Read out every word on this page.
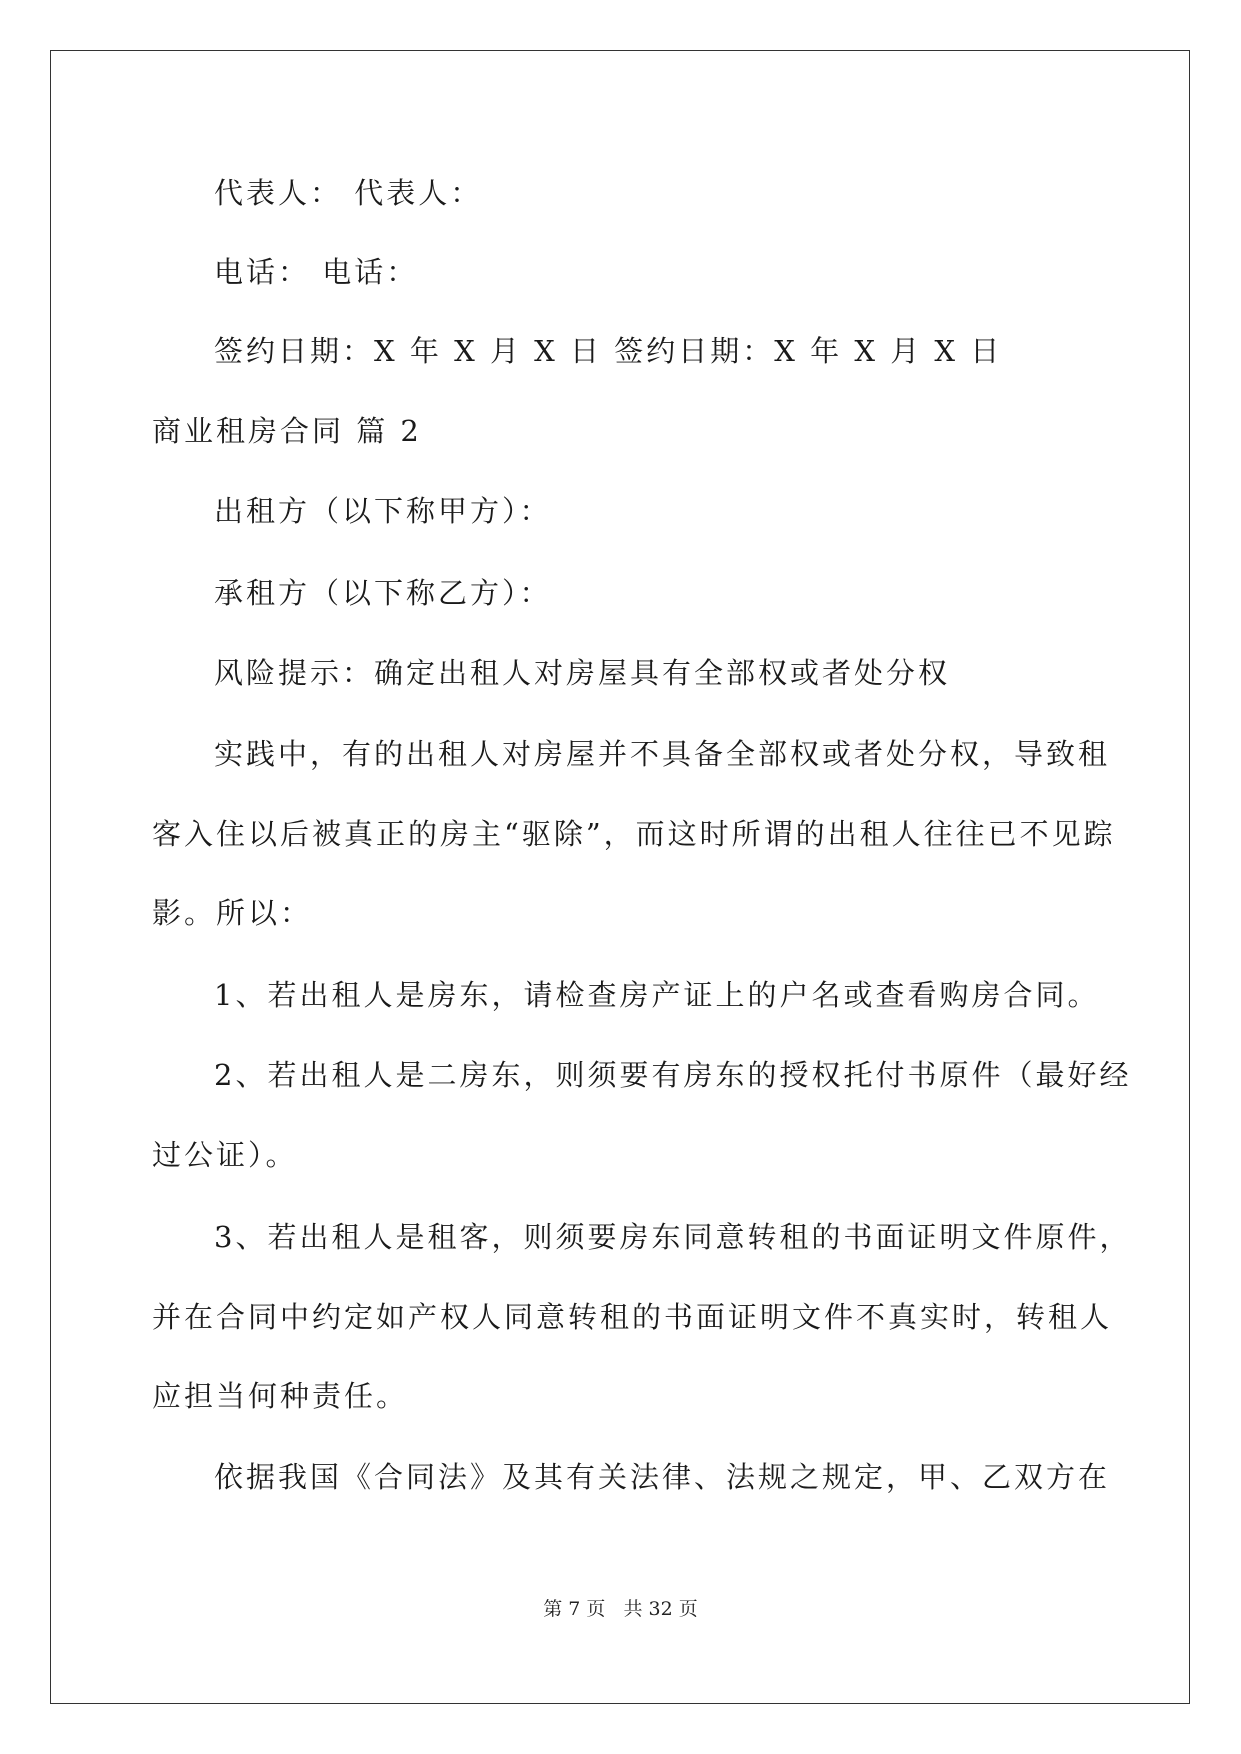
代表人： 代表人：
电话： 电话：
签约日期：X 年 X 月 X 日 签约日期：X 年 X 月 X 日
商业租房合同 篇 2
出租方（以下称甲方）：
承租方（以下称乙方）：
风险提示：确定出租人对房屋具有全部权或者处分权
实践中，有的出租人对房屋并不具备全部权或者处分权，导致租
客入住以后被真正的房主“驱除”，而这时所谓的出租人往往已不见踪
影。所以：
1、若出租人是房东，请检查房产证上的户名或查看购房合同。
2、若出租人是二房东，则须要有房东的授权托付书原件（最好经
过公证）。
3、若出租人是租客，则须要房东同意转租的书面证明文件原件，
并在合同中约定如产权人同意转租的书面证明文件不真实时，转租人
应担当何种责任。
依据我国《合同法》及其有关法律、法规之规定，甲、乙双方在
第 7 页 共 32 页
